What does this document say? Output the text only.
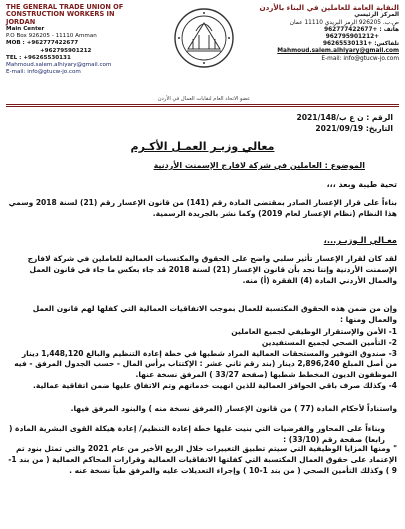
THE GENERAL TRADE UNION OF
CONSTRUCTION WORKERS IN
JORDAN
Main Center
P.O Box 926205 - 11110 Amman
MOB : +962777422677
+962795901212
TEL : +96265530131
Mahmoud.salem.alhiyary@gmail.com
E-mail: info@gtucw-jo.com
النقابة العامة للعاملين في البناء بالأردن
المركز الرئيسي
ص.ب. 926205 الرمز البريدي 11110 عمان
هاتف : +962777422677
+962795901212
تلفاكس: +96265530131
Mahmoud.salem.alhiyary@gmail.com
E-mail: info@gtucw-jo.com
عضو الاتحاد العام لنقابات العمال في الأردن
الرقم : ن ع ب/2021/148
التاريخ: 2021/09/19
معالي وزيـر العمـل الأكـرم
الموضوع : العاملين في شركة لافارج الإسمنت الأردنية
تحية طيبة وبعد ،،،
بناءاً على قرار الإعسار الصادر بمقتضى المادة رقم (141) من قانون الإعسار رقم (21) لسنة 2018 وسمي هذا النظام (نظام الإعسار لعام 2019) وكما نشر بالجريدة الرسمية.
معـالي الـوزيـر...،
لقد كان لقرار الإعسار تأثير سلبي واضح على الحقوق والمكتسبات العمالية للعاملين في شركة لافارج الإسمنت الأردنية وإننا نجد بأن قانون الإعسار (21) لسنة 2018 قد جاء بعكس ما جاء في قانون العمل والعمال الأردني المادة (4) الفقرة (أ) منه.
وإن من ضمن هذه الحقوق المكتسبة للعمال بموجب الاتفاقيات العمالية التي كفلها لهم قانون العمل والعمال ومنها :
1- الأمن والإستقرار الوظيفي لجميع العاملين
2- التأمين الصحي لجميع المستفيدين
3- صندوق التوفير والمستحقات العمالية المراد شطبها في خطة إعادة التنظيم والبالغ 1,448,120 دينار من أصل المبلغ 2,896,240 دينار (بند رقم ثاني عشر : الإكتتاب برأس المال - حسب الجدول المرفق - فيه الموظفون الديون المخطط شطبها (صفحة 33/27 ) المرفق نسخة عنها.
4- وكذلك صرف باقي الحوافز العمالية للذين انهيت خدماتهم وتم الاتفاق عليها ضمن اتفاقية عمالية.
واستناداً لأحكام المادة (77 ) من قانون الإعسار (المرفق نسخة منه ) والبنود المرفق فيها.
وبناءاً على المحاور والفرضيات التي بنيت عليها خطة إعادة التنظيم/ إعادة هيكلة القوى البشرية المادة ( رابعا) صفحة رقم (33/10) :
" ومنها المزايا الوظيفية التي سيتم تطبيق التغييرات خلال الربع الأخير من عام 2021 والتي تمثل بنود تم الإعتماد على حقوق العمال المكتسبة التي كفلتها الاتفاقيات العمالية وقرارات المحاكم العمالية ( من بند 1-9 ) وكذلك التأمين الصحي ( من بند 1-10 ) وإجراء التعديلات عليه والمرفق طياً نسخة عنه .
